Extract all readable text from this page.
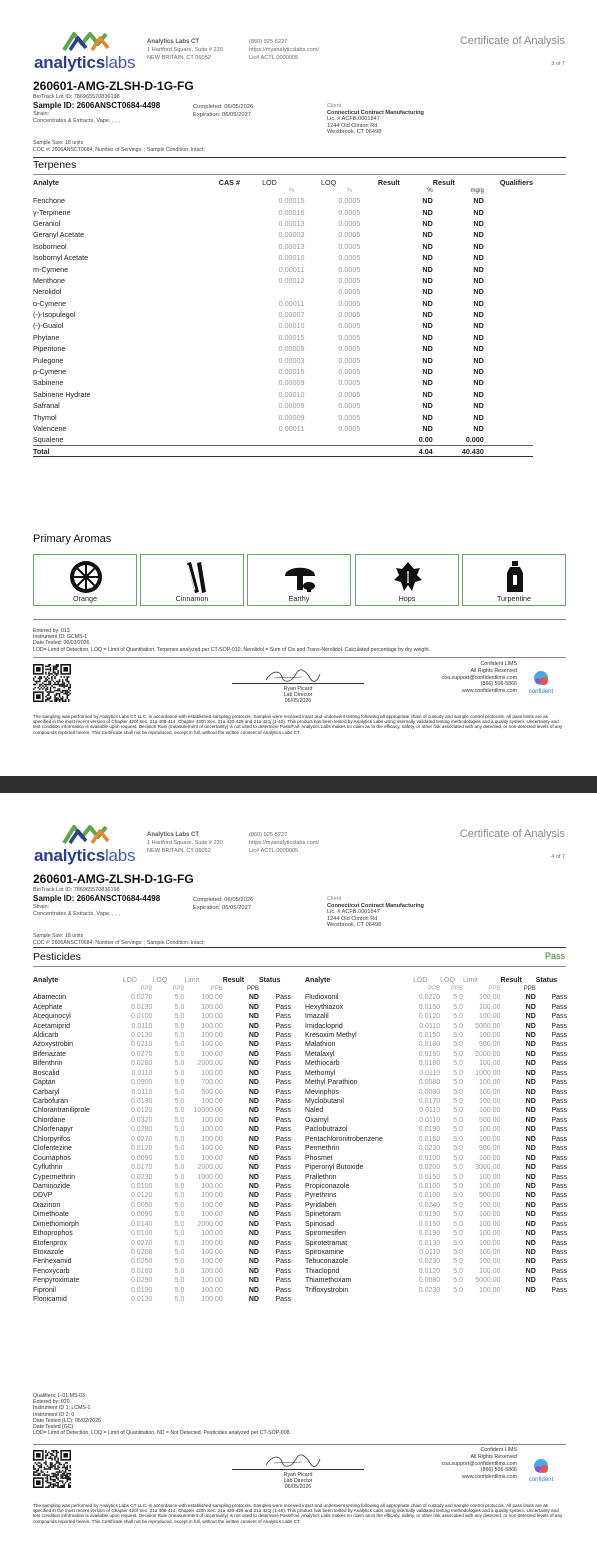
analyticslabs
Analytics Labs CT
1 Hartford Square, Suite # 230
NEW BRITAIN, CT 06052
(860) 925-5227
https://myanalyticslabs.com/
Lic# ACTL.0000005
Certificate of Analysis
3 of 7
260601-AMG-ZLSH-D-1G-FG
BioTrack Lot ID: 786965570836198
Sample ID: 2606ANSCT0684-4498
Strain:
Concentrates & Extracts, Vape, , , ,
Completed: 06/05/2026
Expiration: 06/05/2027
Client
Connecticut Contract Manufacturing
Lic. # ACFB.0001847
1244 Old Clinton Rd
Westbrook, CT 06498
Sample Size: 18 units
COC #: 2606ANSCT0684; Number of Servings: ; Sample Condition: Intact;
Terpenes
Analyte	CAS #	LOD	LOQ	Result	Result	Qualifiers
		%	%	%	mg/g	
Fenchone		0.00015	0.0005	ND	ND	
γ-Terpinene		0.00016	0.0005	ND	ND	
Geraniol		0.00013	0.0005	ND	ND	
Geranyl Acetate		0.00003	0.0005	ND	ND	
Isoborneol		0.00013	0.0005	ND	ND	
Isobornyl Acetate		0.00010	0.0005	ND	ND	
m-Cymene		0.00011	0.0005	ND	ND	
Menthone		0.00012	0.0005	ND	ND	
Nerolidol			0.0005	ND	ND	
o-Cymene		0.00011	0.0005	ND	ND	
(-)-Isopulegol		0.00007	0.0005	ND	ND	
(-)-Guaiol		0.00010	0.0005	ND	ND	
Phytane		0.00015	0.0005	ND	ND	
Piperitone		0.00009	0.0005	ND	ND	
Pulegone		0.00003	0.0005	ND	ND	
p-Cymene		0.00015	0.0005	ND	ND	
Sabinene		0.00009	0.0005	ND	ND	
Sabinene Hydrate		0.00010	0.0005	ND	ND	
Safranal		0.00009	0.0005	ND	ND	
Thymol		0.00009	0.0005	ND	ND	
Valencene		0.00011	0.0005	ND	ND	
Squalene				0.00	0.000	
Total				4.04	40.430	
Primary Aromas
Orange	Cinnamon	Earthy	Hops	Turpentine
Entered by: 013
Instrument ID: GCMS-1
Date Tested: 06/03/2026
LOD= Limit of Detection, LOQ = Limit of Quantitation. Terpenes analyzed per CT-SOP-010. Nerolidol = Sum of Cis and Trans-Nerolidol. Calculated percentage by dry weight.
Ryan Picard
Lab Director
06/05/2026
Confident LIMS
All Rights Reserved
coa.support@confidentlims.com
(866) 506-5866
www.confidentlims.com	confident
The sampling was performed by Analytics Labs CT LLC, in accordance with established sampling protocols. Samples were received intact and underwent testing following all appropriate chain of custody and sample control protocols. All pass limits are as specified in the most recent version of Chapter 420f Sec. 21a 408-414, Chapter 420h Sec. 21a 420-429 and 21a 421j (1-40). This product has been tested by Analytics Labs using internally validated testing methodologies and a quality system. Uncertainty and test condition information is available upon request. Decision Rule (measurement of uncertainty) is not used to determine Pass/Fail. Analytics Labs makes no claim as to the efficacy, safety, or other risk associated with any detected, or non-detected levels of any compounds reported herein. This Certificate shall not be reproduced, except in full, without the written consent of Analytics Labs CT.
analyticslabs
Analytics Labs CT
1 Hartford Square, Suite # 230
NEW BRITAIN, CT 06052
(860) 925-5227
https://myanalyticslabs.com/
Lic# ACTL.0000005
Certificate of Analysis
4 of 7
260601-AMG-ZLSH-D-1G-FG
BioTrack Lot ID: 786965570836198
Sample ID: 2606ANSCT0684-4498
Strain:
Concentrates & Extracts, Vape, , , ,
Completed: 06/05/2026
Expiration: 06/05/2027
Client
Connecticut Contract Manufacturing
Lic. # ACFB.0001847
1244 Old Clinton Rd
Westbrook, CT 06498
Sample Size: 18 units
COC #: 2606ANSCT0684; Number of Servings: ; Sample Condition: Intact;
Pesticides	Pass
Analyte	LOD	LOQ	Limit	Result	Status
	PPB	PPB	PPB	PPB	
Abamectin	0.0270	5.0	100.00	ND	Pass
Acephate	0.0130	5.0	100.00	ND	Pass
Acequinocyl	0.0100	5.0	100.00	ND	Pass
Acetamiprid	0.0110	5.0	100.00	ND	Pass
Aldicarb	0.0130	5.0	100.00	ND	Pass
Azoxystrobin	0.0210	5.0	100.00	ND	Pass
Bifenazate	0.0270	5.0	100.00	ND	Pass
Bifenthrin	0.0280	5.0	2000.00	ND	Pass
Boscalid	0.0110	5.0	100.00	ND	Pass
Captan	0.0900	5.0	700.00	ND	Pass
Carbaryl	0.0110	5.0	500.00	ND	Pass
Carbofuran	0.0130	5.0	100.00	ND	Pass
Chlorantraniliprole	0.0120	5.0	10000.00	ND	Pass
Chlordane	0.0320	5.0	100.00	ND	Pass
Chlorfenapyr	0.0280	5.0	100.00	ND	Pass
Chlorpyrifos	0.0270	5.0	100.00	ND	Pass
Clofentezine	0.0120	5.0	100.00	ND	Pass
Coumaphos	0.0090	5.0	100.00	ND	Pass
Cyfluthrin	0.0170	5.0	2000.00	ND	Pass
Cypermethrin	0.0230	5.0	1000.00	ND	Pass
Daminozide	0.0100	5.0	100.00	ND	Pass
DDVP	0.0120	5.0	100.00	ND	Pass
Diazinon	0.0050	5.0	100.00	ND	Pass
Dimethoate	0.0090	5.0	100.00	ND	Pass
Dimethomorph	0.0140	5.0	2000.00	ND	Pass
Ethoprophos	0.0100	5.0	100.00	ND	Pass
Etofenprox	0.0270	5.0	100.00	ND	Pass
Etoxazole	0.0200	5.0	100.00	ND	Pass
Fenhexamid	0.0250	5.0	100.00	ND	Pass
Fenoxycarb	0.0160	5.0	100.00	ND	Pass
Fenpyroximate	0.0290	5.0	100.00	ND	Pass
Fipronil	0.0190	5.0	100.00	ND	Pass
Flonicamid	0.0130	5.0	100.00	ND	Pass
Analyte	LOD	LOQ	Limit	Result	Status
	PPB	PPB	PPB	PPB	
Fludioxonil	0.0220	5.0	100.00	ND	Pass
Hexythiazox	0.0150	5.0	100.00	ND	Pass
Imazalil	0.0120	5.0	100.00	ND	Pass
Imidacloprid	0.0110	5.0	5000.00	ND	Pass
Kresoxim Methyl	0.0150	5.0	100.00	ND	Pass
Malathion	0.0180	5.0	500.00	ND	Pass
Metalaxyl	0.0160	5.0	2000.00	ND	Pass
Methiocarb	0.0180	5.0	100.00	ND	Pass
Methomyl	0.0110	5.0	1000.00	ND	Pass
Methyl Parathion	0.0080	5.0	100.00	ND	Pass
Mevinphos	0.0080	5.0	100.00	ND	Pass
Myclobutanil	0.0170	5.0	100.00	ND	Pass
Naled	0.0110	5.0	100.00	ND	Pass
Oxamyl	0.0110	5.0	500.00	ND	Pass
Paclobutrazol	0.0190	5.0	100.00	ND	Pass
Pentachloronitrobenzene	0.0160	5.0	100.00	ND	Pass
Permethrin	0.0230	5.0	500.00	ND	Pass
Phosmet	0.0100	5.0	100.00	ND	Pass
Piperonyl Butoxide	0.0200	5.0	3000.00	ND	Pass
Prallethrin	0.0150	5.0	100.00	ND	Pass
Propiconazole	0.0100	5.0	100.00	ND	Pass
Pyrethrins	0.0100	5.0	500.00	ND	Pass
Pyridaben	0.0240	5.0	100.00	ND	Pass
Spinetoram	0.0190	5.0	100.00	ND	Pass
Spinosad	0.0150	5.0	100.00	ND	Pass
Spiromesifen	0.0190	5.0	100.00	ND	Pass
Spirotetramat	0.0130	5.0	100.00	ND	Pass
Spiroxamine	0.0110	5.0	100.00	ND	Pass
Tebuconazole	0.0230	5.0	100.00	ND	Pass
Thiacloprid	0.0120	5.0	100.00	ND	Pass
Thiamethoxam	0.0080	5.0	5000.00	ND	Pass
Trifloxystrobin	0.0230	5.0	100.00	ND	Pass
Qualifiers: L-01,MS-03
Entered by: 020
Instrument ID 1: LCMS-1
Instrument ID 2: 0
Date Tested (LC): 06/02/2026
Date Tested (GC):
LOD= Limit of Detection, LOQ = Limit of Quantitation, ND = Not Detected. Pesticides analyzed per CT-SOP-008.
Ryan Picard
Lab Director
06/05/2026
Confident LIMS
All Rights Reserved
coa.support@confidentlims.com
(866) 506-5866
www.confidentlims.com	confident
The sampling was performed by Analytics Labs CT LLC, in accordance with established sampling protocols. Samples were received intact and underwent testing following all appropriate chain of custody and sample control protocols. All pass limits are as specified in the most recent version of Chapter 420f Sec. 21a 408-414, Chapter 420h Sec. 21a 420-429 and 21a 421j (1-40). This product has been tested by Analytics Labs using internally validated testing methodologies and a quality system. Uncertainty and test condition information is available upon request. Decision Rule (measurement of uncertainty) is not used to determine Pass/Fail. Analytics Labs makes no claim as to the efficacy, safety, or other risk associated with any detected, or non-detected levels of any compounds reported herein. This Certificate shall not be reproduced, except in full, without the written consent of Analytics Labs CT.
